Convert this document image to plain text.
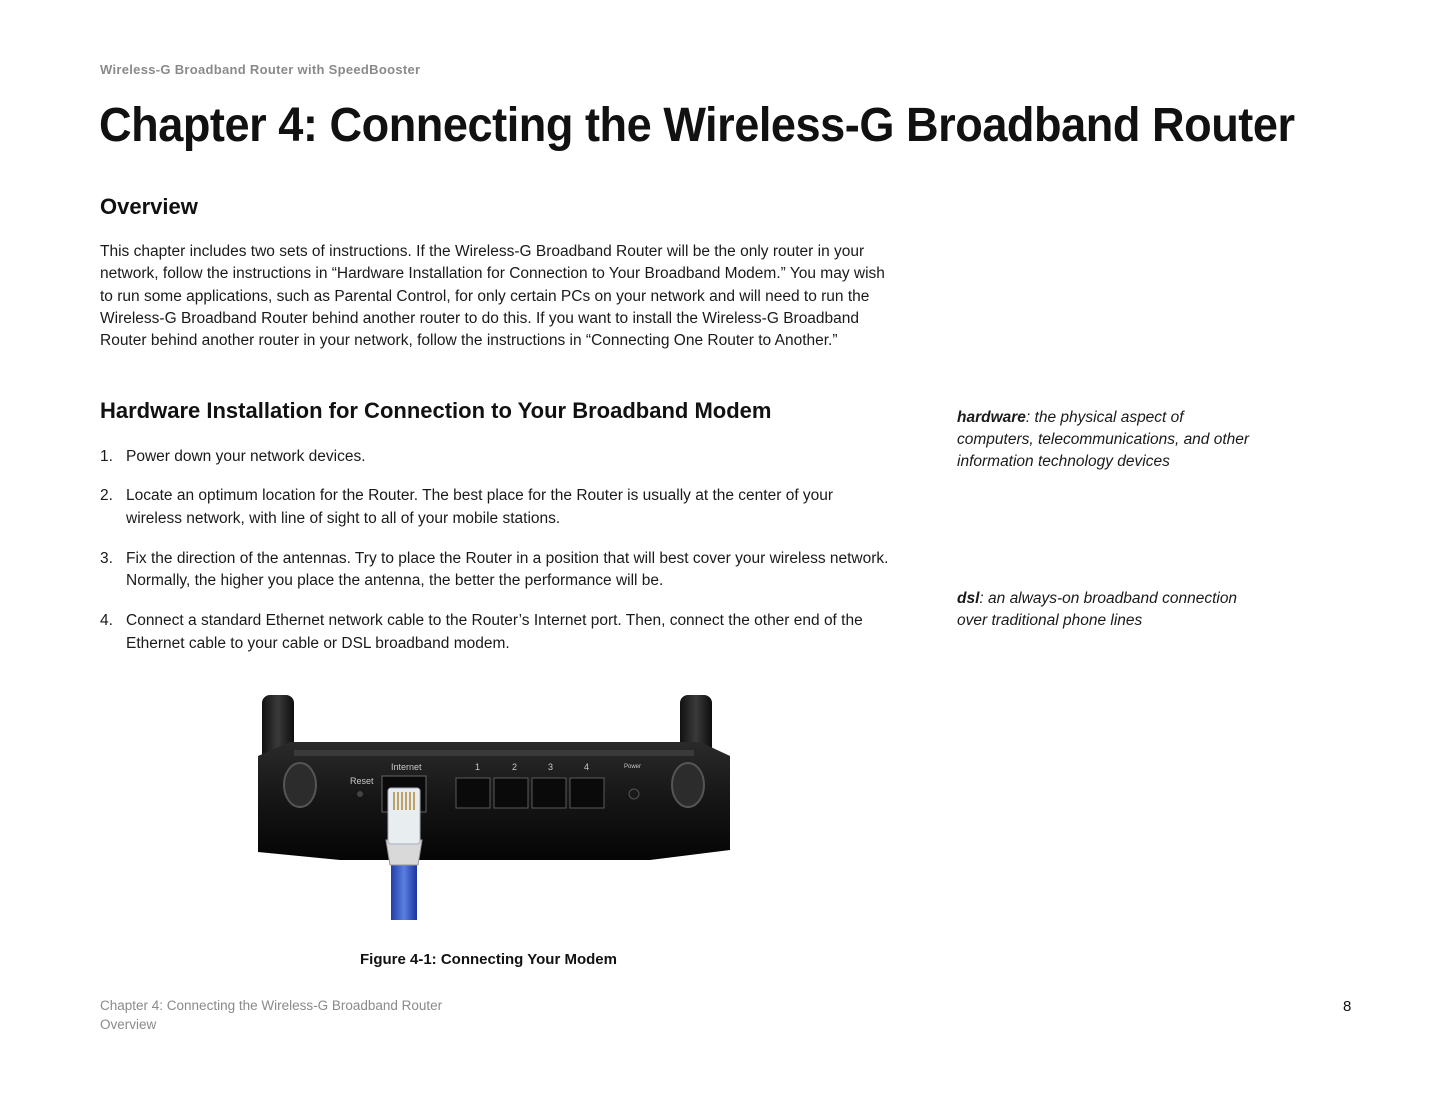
Wireless-G Broadband Router with SpeedBooster
Chapter 4: Connecting the Wireless-G Broadband Router
Overview

This chapter includes two sets of instructions. If the Wireless-G Broadband Router will be the only router in your network, follow the instructions in “Hardware Installation for Connection to Your Broadband Modem.” You may wish to run some applications, such as Parental Control, for only certain PCs on your network and will need to run the Wireless-G Broadband Router behind another router to do this. If you want to install the Wireless-G Broadband Router behind another router in your network, follow the instructions in “Connecting One Router to Another.”

Hardware Installation for Connection to Your Broadband Modem
1. Power down your network devices.
2. Locate an optimum location for the Router. The best place for the Router is usually at the center of your wireless network, with line of sight to all of your mobile stations.
3. Fix the direction of the antennas. Try to place the Router in a position that will best cover your wireless network. Normally, the higher you place the antenna, the better the performance will be.
4. Connect a standard Ethernet network cable to the Router’s Internet port. Then, connect the other end of the Ethernet cable to your cable or DSL broadband modem.

hardware: the physical aspect of computers, telecommunications, and other information technology devices

dsl: an always-on broadband connection over traditional phone lines

Reset
Internet	1	2	3	4	Power

Figure 4-1: Connecting Your Modem

Chapter 4: Connecting the Wireless-G Broadband Router
Overview
8
